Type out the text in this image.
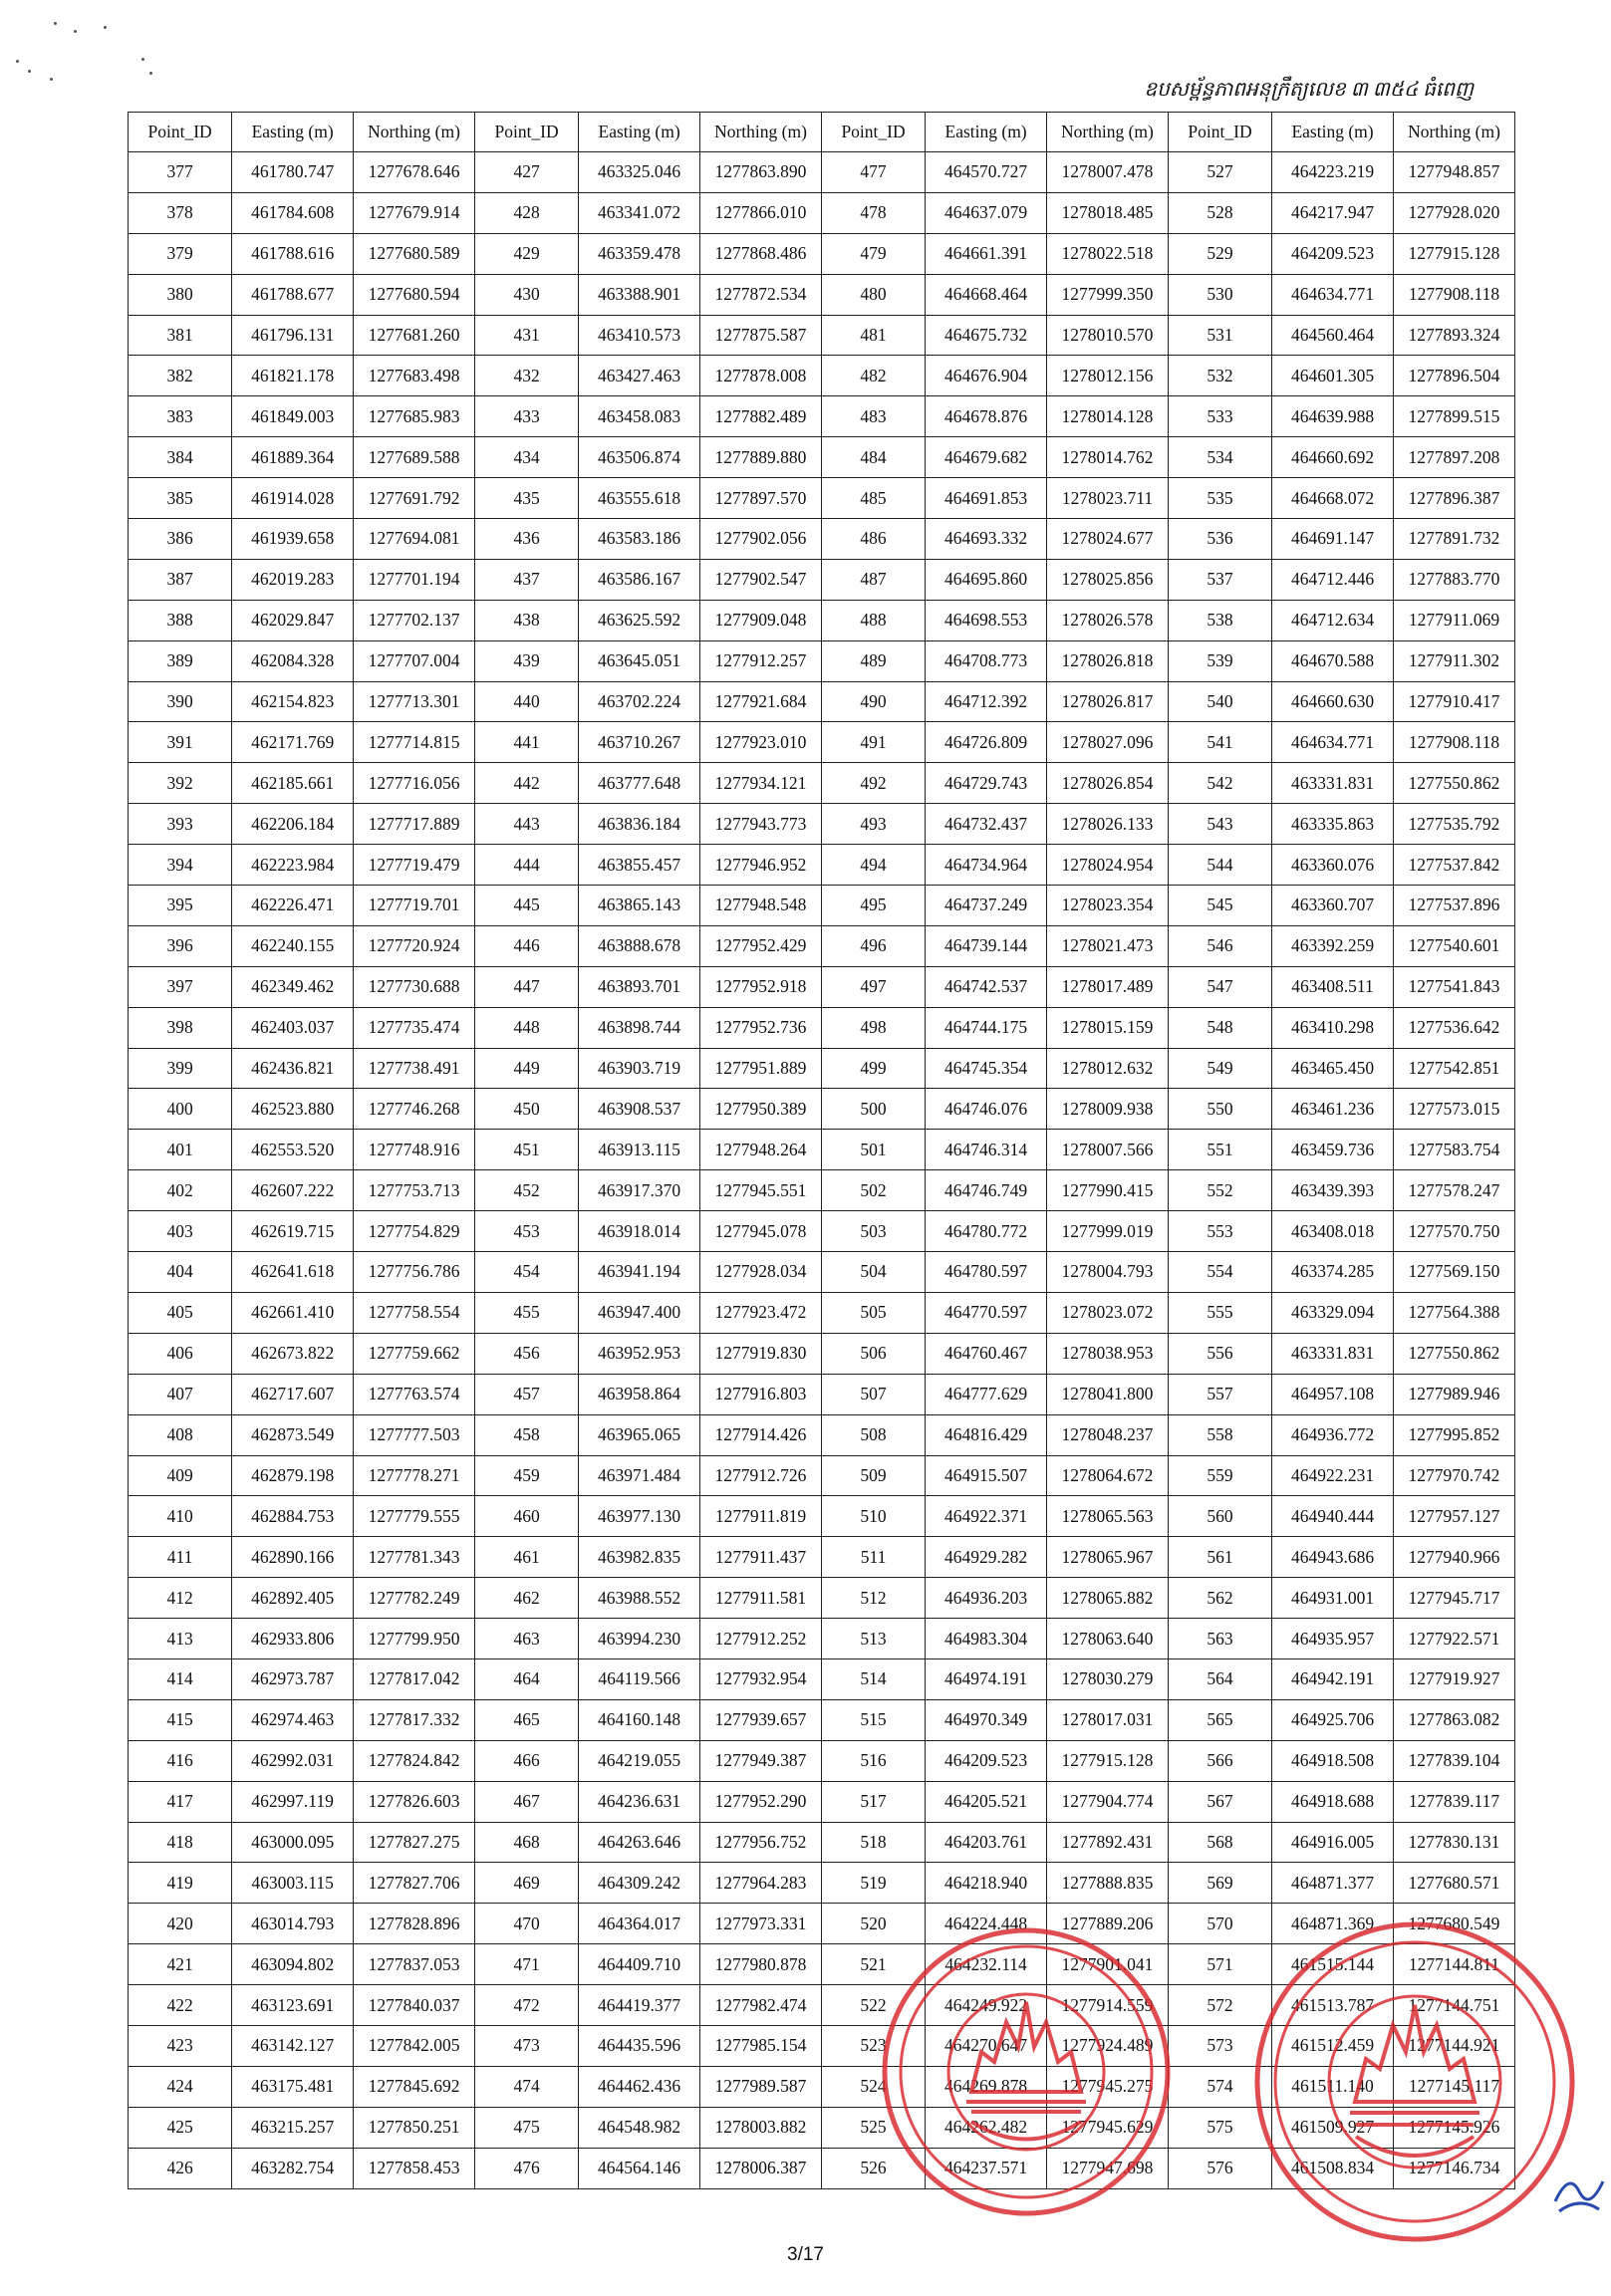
ឧបសម្ព័ន្ធភាពអនុក្រឹត្យលេខ ៣ ៣៥៤ ធំពេញ
Point_ID	Easting (m)	Northing (m)	Point_ID	Easting (m)	Northing (m)	Point_ID	Easting (m)	Northing (m)	Point_ID	Easting (m)	Northing (m)
377	461780.747	1277678.646	427	463325.046	1277863.890	477	464570.727	1278007.478	527	464223.219	1277948.857
378	461784.608	1277679.914	428	463341.072	1277866.010	478	464637.079	1278018.485	528	464217.947	1277928.020
379	461788.616	1277680.589	429	463359.478	1277868.486	479	464661.391	1278022.518	529	464209.523	1277915.128
380	461788.677	1277680.594	430	463388.901	1277872.534	480	464668.464	1277999.350	530	464634.771	1277908.118
381	461796.131	1277681.260	431	463410.573	1277875.587	481	464675.732	1278010.570	531	464560.464	1277893.324
382	461821.178	1277683.498	432	463427.463	1277878.008	482	464676.904	1278012.156	532	464601.305	1277896.504
383	461849.003	1277685.983	433	463458.083	1277882.489	483	464678.876	1278014.128	533	464639.988	1277899.515
384	461889.364	1277689.588	434	463506.874	1277889.880	484	464679.682	1278014.762	534	464660.692	1277897.208
385	461914.028	1277691.792	435	463555.618	1277897.570	485	464691.853	1278023.711	535	464668.072	1277896.387
386	461939.658	1277694.081	436	463583.186	1277902.056	486	464693.332	1278024.677	536	464691.147	1277891.732
387	462019.283	1277701.194	437	463586.167	1277902.547	487	464695.860	1278025.856	537	464712.446	1277883.770
388	462029.847	1277702.137	438	463625.592	1277909.048	488	464698.553	1278026.578	538	464712.634	1277911.069
389	462084.328	1277707.004	439	463645.051	1277912.257	489	464708.773	1278026.818	539	464670.588	1277911.302
390	462154.823	1277713.301	440	463702.224	1277921.684	490	464712.392	1278026.817	540	464660.630	1277910.417
391	462171.769	1277714.815	441	463710.267	1277923.010	491	464726.809	1278027.096	541	464634.771	1277908.118
392	462185.661	1277716.056	442	463777.648	1277934.121	492	464729.743	1278026.854	542	463331.831	1277550.862
393	462206.184	1277717.889	443	463836.184	1277943.773	493	464732.437	1278026.133	543	463335.863	1277535.792
394	462223.984	1277719.479	444	463855.457	1277946.952	494	464734.964	1278024.954	544	463360.076	1277537.842
395	462226.471	1277719.701	445	463865.143	1277948.548	495	464737.249	1278023.354	545	463360.707	1277537.896
396	462240.155	1277720.924	446	463888.678	1277952.429	496	464739.144	1278021.473	546	463392.259	1277540.601
397	462349.462	1277730.688	447	463893.701	1277952.918	497	464742.537	1278017.489	547	463408.511	1277541.843
398	462403.037	1277735.474	448	463898.744	1277952.736	498	464744.175	1278015.159	548	463410.298	1277536.642
399	462436.821	1277738.491	449	463903.719	1277951.889	499	464745.354	1278012.632	549	463465.450	1277542.851
400	462523.880	1277746.268	450	463908.537	1277950.389	500	464746.076	1278009.938	550	463461.236	1277573.015
401	462553.520	1277748.916	451	463913.115	1277948.264	501	464746.314	1278007.566	551	463459.736	1277583.754
402	462607.222	1277753.713	452	463917.370	1277945.551	502	464746.749	1277990.415	552	463439.393	1277578.247
403	462619.715	1277754.829	453	463918.014	1277945.078	503	464780.772	1277999.019	553	463408.018	1277570.750
404	462641.618	1277756.786	454	463941.194	1277928.034	504	464780.597	1278004.793	554	463374.285	1277569.150
405	462661.410	1277758.554	455	463947.400	1277923.472	505	464770.597	1278023.072	555	463329.094	1277564.388
406	462673.822	1277759.662	456	463952.953	1277919.830	506	464760.467	1278038.953	556	463331.831	1277550.862
407	462717.607	1277763.574	457	463958.864	1277916.803	507	464777.629	1278041.800	557	464957.108	1277989.946
408	462873.549	1277777.503	458	463965.065	1277914.426	508	464816.429	1278048.237	558	464936.772	1277995.852
409	462879.198	1277778.271	459	463971.484	1277912.726	509	464915.507	1278064.672	559	464922.231	1277970.742
410	462884.753	1277779.555	460	463977.130	1277911.819	510	464922.371	1278065.563	560	464940.444	1277957.127
411	462890.166	1277781.343	461	463982.835	1277911.437	511	464929.282	1278065.967	561	464943.686	1277940.966
412	462892.405	1277782.249	462	463988.552	1277911.581	512	464936.203	1278065.882	562	464931.001	1277945.717
413	462933.806	1277799.950	463	463994.230	1277912.252	513	464983.304	1278063.640	563	464935.957	1277922.571
414	462973.787	1277817.042	464	464119.566	1277932.954	514	464974.191	1278030.279	564	464942.191	1277919.927
415	462974.463	1277817.332	465	464160.148	1277939.657	515	464970.349	1278017.031	565	464925.706	1277863.082
416	462992.031	1277824.842	466	464219.055	1277949.387	516	464209.523	1277915.128	566	464918.508	1277839.104
417	462997.119	1277826.603	467	464236.631	1277952.290	517	464205.521	1277904.774	567	464918.688	1277839.117
418	463000.095	1277827.275	468	464263.646	1277956.752	518	464203.761	1277892.431	568	464916.005	1277830.131
419	463003.115	1277827.706	469	464309.242	1277964.283	519	464218.940	1277888.835	569	464871.377	1277680.571
420	463014.793	1277828.896	470	464364.017	1277973.331	520	464224.448	1277889.206	570	464871.369	1277680.549
421	463094.802	1277837.053	471	464409.710	1277980.878	521	464232.114	1277901.041	571	461515.144	1277144.811
422	463123.691	1277840.037	472	464419.377	1277982.474	522	464249.922	1277914.559	572	461513.787	1277144.751
423	463142.127	1277842.005	473	464435.596	1277985.154	523	464270.647	1277924.489	573	461512.459	1277144.921
424	463175.481	1277845.692	474	464462.436	1277989.587	524	464269.878	1277945.275	574	461511.140	1277145.117
425	463215.257	1277850.251	475	464548.982	1278003.882	525	464262.482	1277945.629	575	461509.927	1277145.926
426	463282.754	1277858.453	476	464564.146	1278006.387	526	464237.571	1277947.698	576	461508.834	1277146.734
3/17
